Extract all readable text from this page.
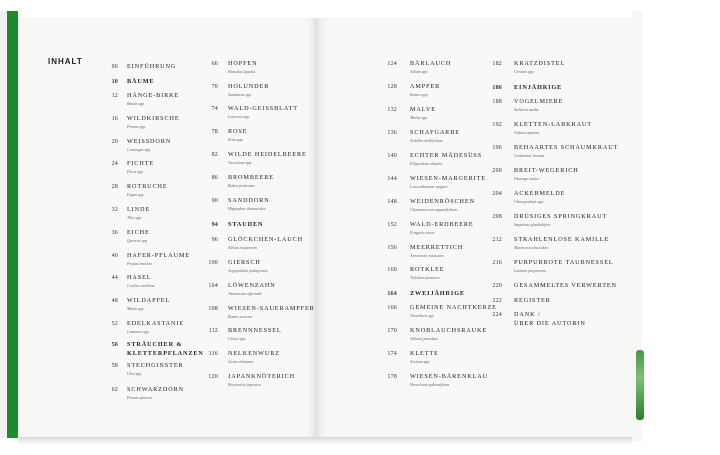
INHALT
06 EINFÜHRUNG
10 BÄUME
12 HÄNGE-BIRKE
Betula spp.
16 WILDKIRSCHE
Prunus spp.
20 WEISSDORN
Crataegus spp.
24 FICHTE
Picea spp.
28 ROTBUCHE
Fagus spp.
32 LINDE
Tilia spp.
36 EICHE
Quercus spp.
40 HAFER-PFLAUME
Prunus insititia
44 HASEL
Corylus avellana
48 WILDAPFEL
Malus spp.
52 EDELKASTANIE
Castanea spp.
56 STRÄUCHER &
KLETTERPFLANZEN
58 STECHGINSTER
Ulex spp.
62 SCHWARZDORN
Prunus spinosa
66 HOPFEN
Humulus lupulus
70 HOLUNDER
Sambucus spp.
74 WALD-GEISSBLATT
Lonicera spp.
78 ROSE
Rosa spp.
82 WILDE HEIDELBEERE
Vaccinium spp.
86 BROMBEERE
Rubus fruticosus
90 SANDDORN
Hippophae rhamnoides
94 STAUDEN
96 GLÖCKCHEN-LAUCH
Allium triquetrum
100 GIERSCH
Aegopodium podagraria
104 LÖWENZAHN
Taraxacum officinale
108 WIESEN-SAUERAMPFER
Rumex acetosa
112 BRENNNESSEL
Urtica spp.
116 NELKENWURZ
Geum urbanum
120 JAPANKNÖTERICH
Reynoutria japonica
124 BÄRLAUCH
Allium spp.
128 AMPFER
Rumex spp.
132 MALVE
Malva spp.
136 SCHAFGARBE
Achillea millefolium
140 ECHTER MÄDESÜSS
Filipendula ulmaria
144 WIESEN-MARGERITE
Leucanthemum vulgare
148 WEIDENRÖSCHEN
Chamaenerion angustifolium
152 WALD-ERDBEERE
Fragaria vesca
156 MEERRETTICH
Armoracia rusticana
160 ROTKLEE
Trifolium pratense
164 ZWEIJÄHRIGE
166 GEMEINE NACHTKERZE
Oenothera spp.
170 KNOBLAUCHSRAUKE
Alliaria petiolata
174 KLETTE
Arctium spp.
178 WIESEN-BÄRENKLAU
Heracleum sphondylium
182 KRATZDISTEL
Cirsium spp.
186 EINJÄHRIGE
188 VOGELMIERE
Stellaria media
192 KLETTEN-LABKRAUT
Galium aparine
196 BEHAARTES SCHAUMKRAUT
Cardamine hirsuta
200 BREIT-WEGERICH
Plantago major
204 ACKERMELDE
Chenopodium spp.
208 DRÜSIGES SPRINGKRAUT
Impatiens glandulifera
212 STRAHLENLOSE KAMILLE
Matricaria discoidea
216 PURPURROTE TAUBNESSEL
Lamium purpureum
220 GESAMMELTES VERWERTEN
222 REGISTER
224 DANK /
ÜBER DIE AUTORIN
